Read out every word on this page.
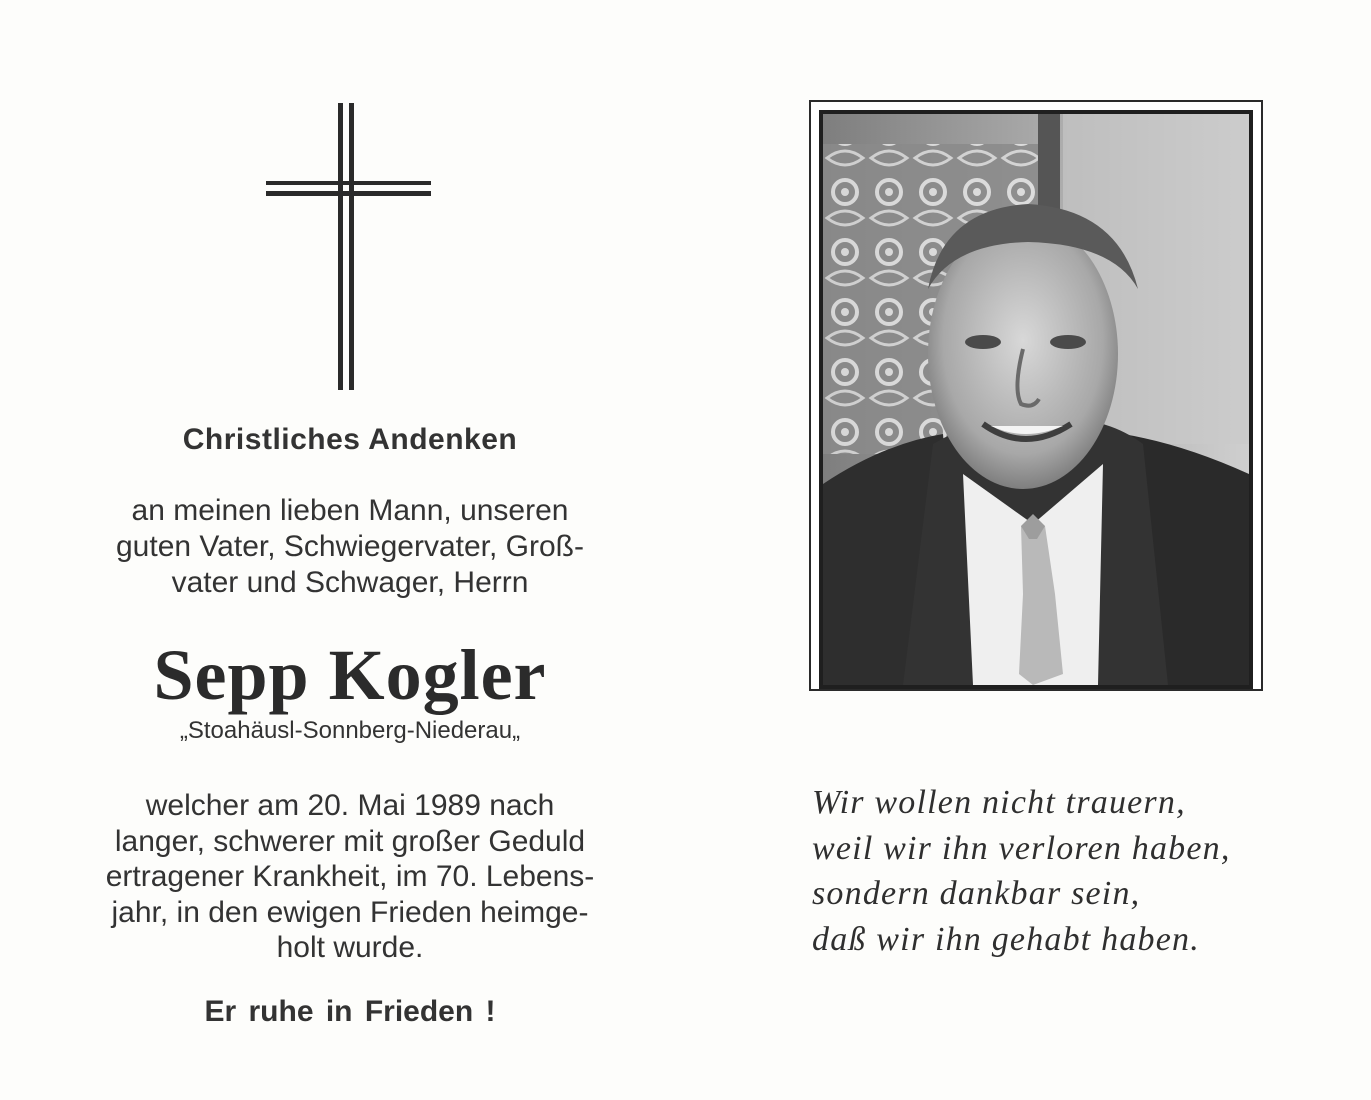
Christliches Andenken
an meinen lieben Mann, unseren
guten Vater, Schwiegervater, Groß-
vater und Schwager, Herrn
Sepp Kogler
„Stoahäusl-Sonnberg-Niederau„
welcher am 20. Mai 1989 nach
langer, schwerer mit großer Geduld
ertragener Krankheit, im 70. Lebens-
jahr, in den ewigen Frieden heimge-
holt wurde.
Er ruhe in Frieden !
Wir wollen nicht trauern,
weil wir ihn verloren haben,
sondern dankbar sein,
daß wir ihn gehabt haben.
